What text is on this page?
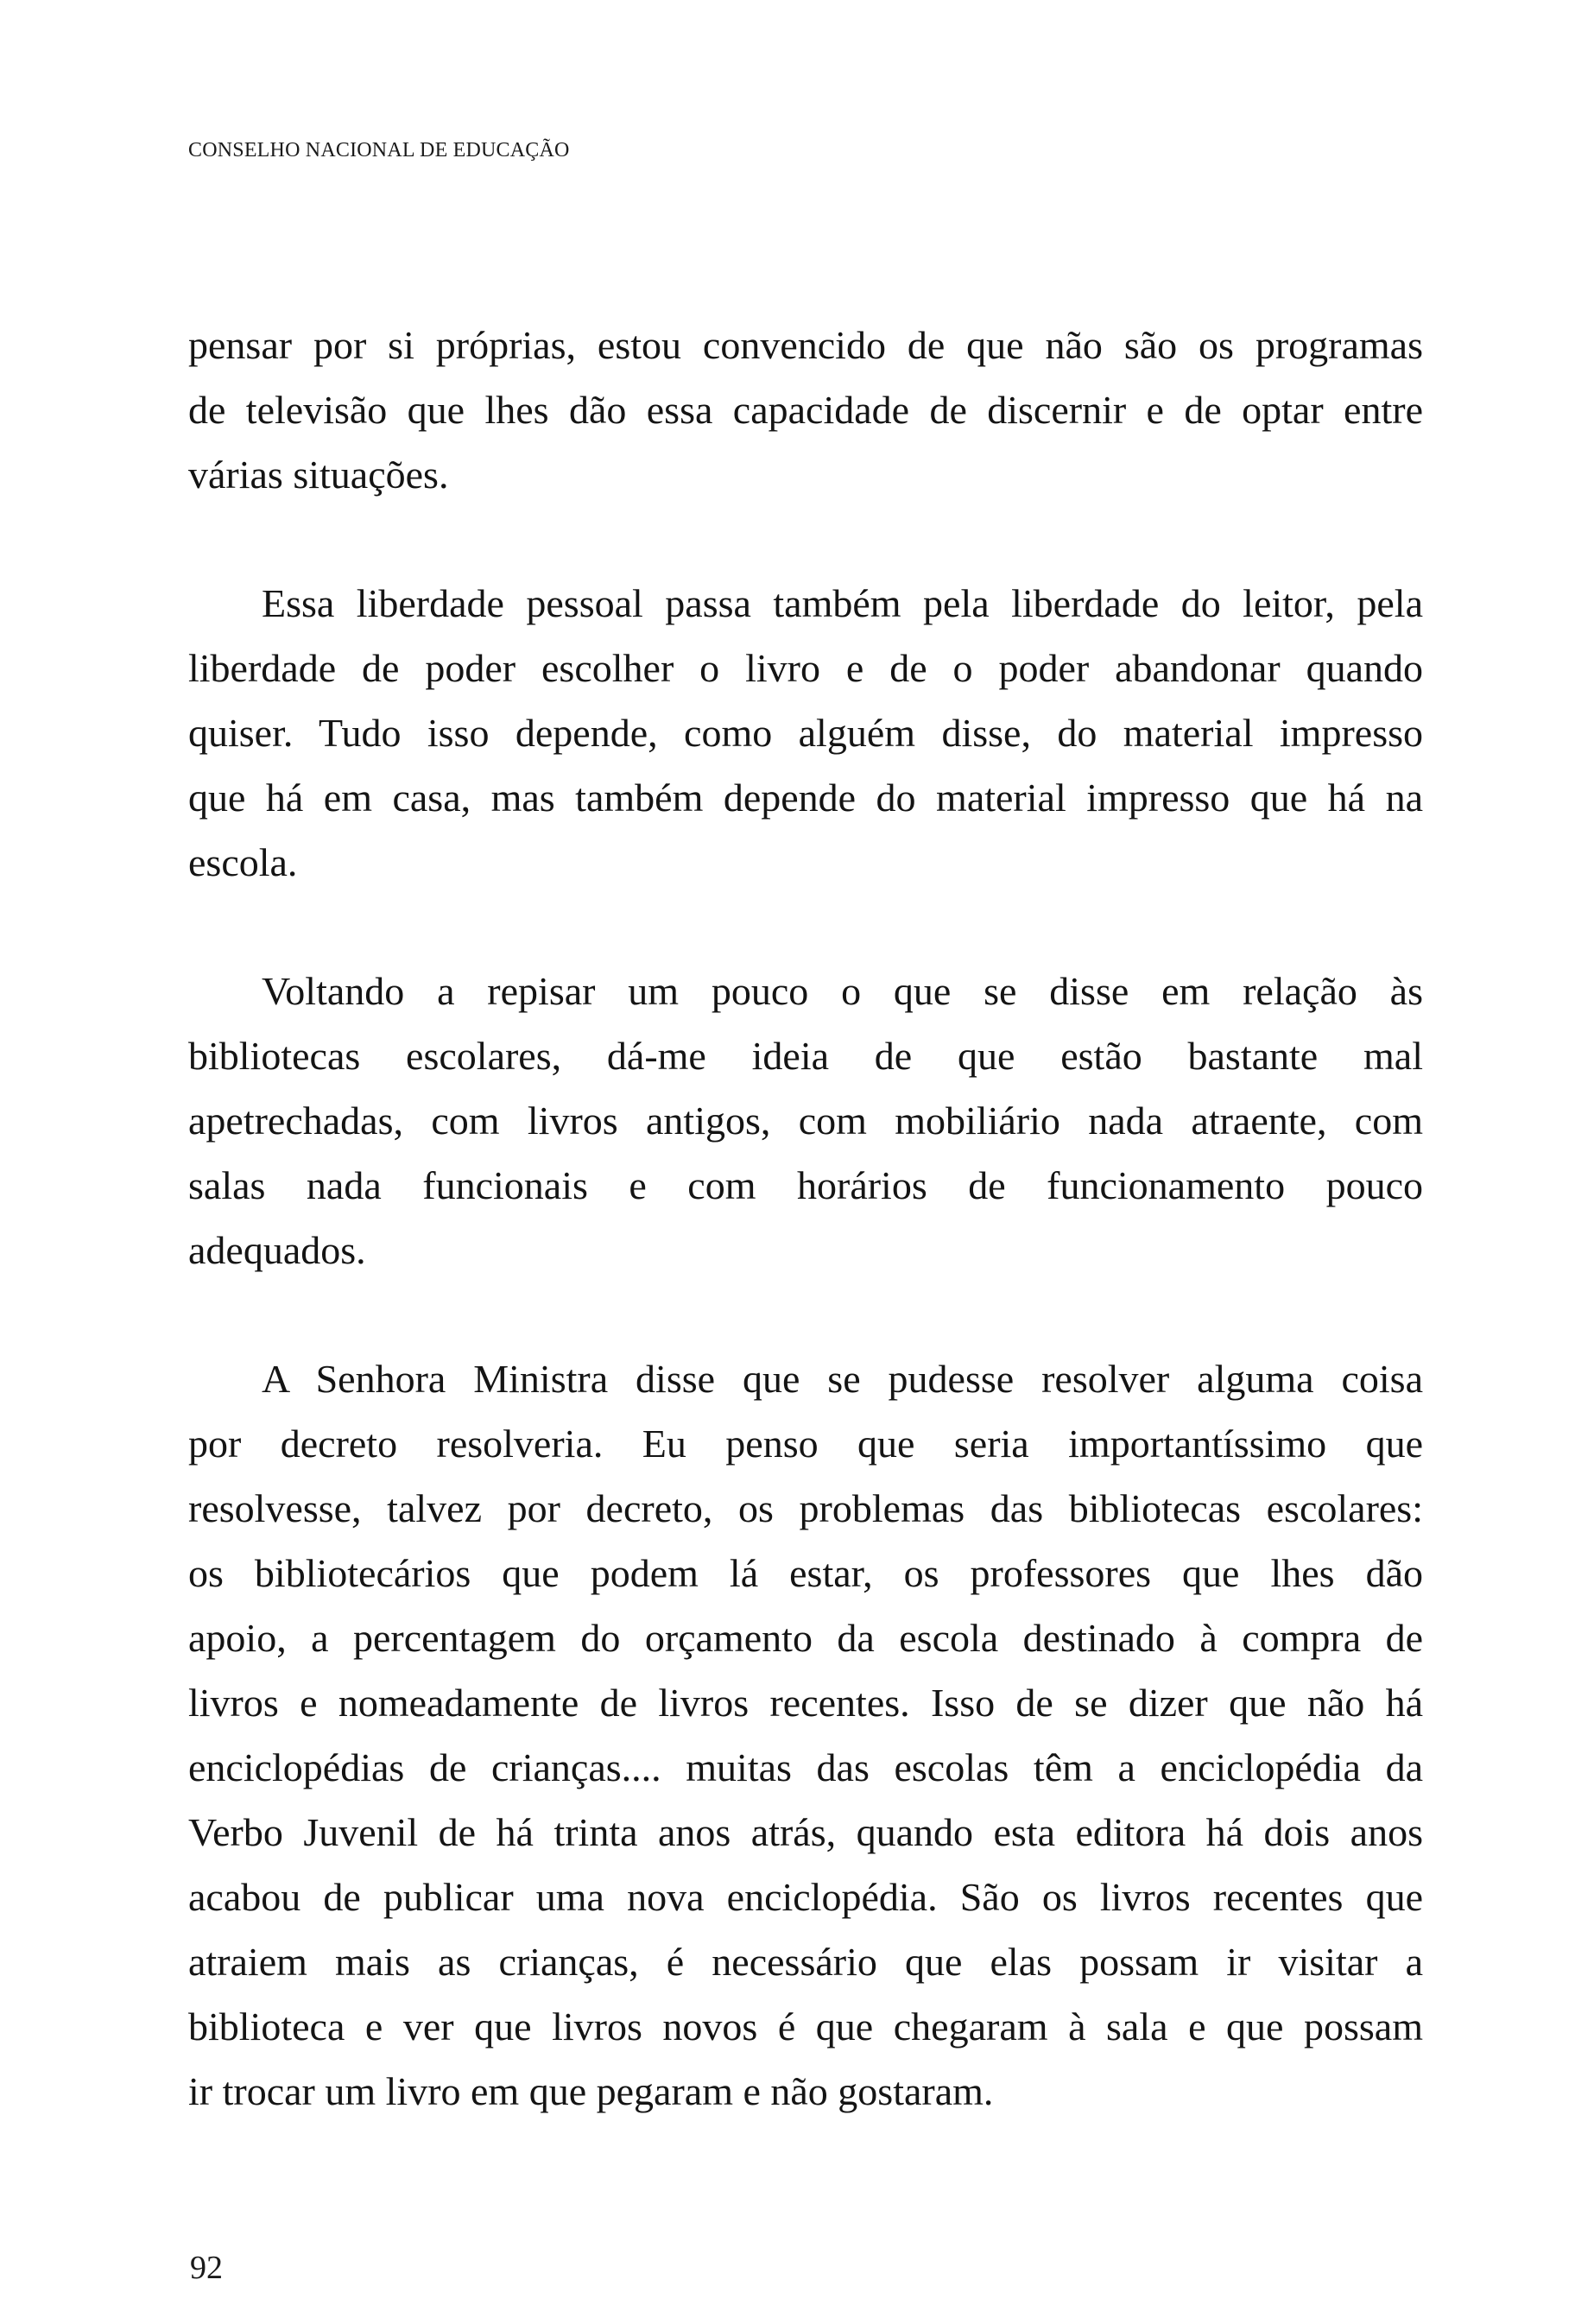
CONSELHO NACIONAL DE EDUCAÇÃO
pensar por si próprias, estou convencido de que não são os programas
de televisão que lhes dão essa capacidade de discernir e de optar entre
várias situações.
Essa liberdade pessoal passa também pela liberdade do leitor, pela
liberdade de poder escolher o livro e de o poder abandonar quando
quiser. Tudo isso depende, como alguém disse, do material impresso
que há em casa, mas também depende do material impresso que há na
escola.
Voltando a repisar um pouco o que se disse em relação às
bibliotecas escolares, dá-me ideia de que estão bastante mal
apetrechadas, com livros antigos, com mobiliário nada atraente, com
salas nada funcionais e com horários de funcionamento pouco
adequados.
A Senhora Ministra disse que se pudesse resolver alguma coisa
por decreto resolveria. Eu penso que seria importantíssimo que
resolvesse, talvez por decreto, os problemas das bibliotecas escolares:
os bibliotecários que podem lá estar, os professores que lhes dão
apoio, a percentagem do orçamento da escola destinado à compra de
livros e nomeadamente de livros recentes. Isso de se dizer que não há
enciclopédias de crianças.... muitas das escolas têm a enciclopédia da
Verbo Juvenil de há trinta anos atrás, quando esta editora há dois anos
acabou de publicar uma nova enciclopédia. São os livros recentes que
atraiem mais as crianças, é necessário que elas possam ir visitar a
biblioteca e ver que livros novos é que chegaram à sala e que possam
ir trocar um livro em que pegaram e não gostaram.
92
